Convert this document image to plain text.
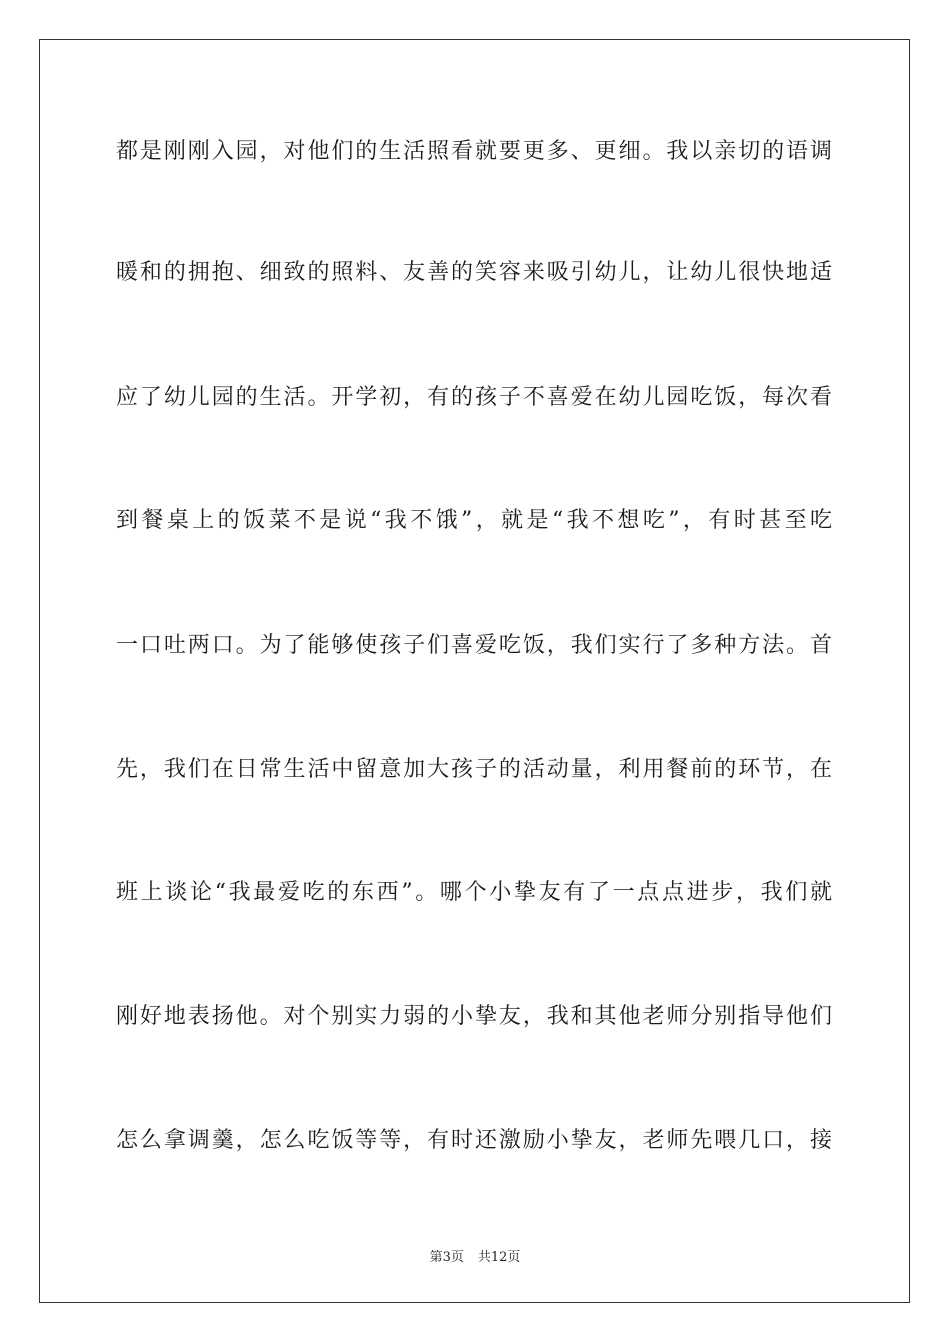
都是刚刚入园，对他们的生活照看就要更多、更细。我以亲切的语调
暖和的拥抱、细致的照料、友善的笑容来吸引幼儿，让幼儿很快地适
应了幼儿园的生活。开学初，有的孩子不喜爱在幼儿园吃饭，每次看
到餐桌上的饭菜不是说“我不饿”，就是“我不想吃”，有时甚至吃
一口吐两口。为了能够使孩子们喜爱吃饭，我们实行了多种方法。首
先，我们在日常生活中留意加大孩子的活动量，利用餐前的环节，在
班上谈论“我最爱吃的东西”。哪个小挚友有了一点点进步，我们就
刚好地表扬他。对个别实力弱的小挚友，我和其他老师分别指导他们
怎么拿调羹，怎么吃饭等等，有时还激励小挚友，老师先喂几口，接
第3页 共12页
